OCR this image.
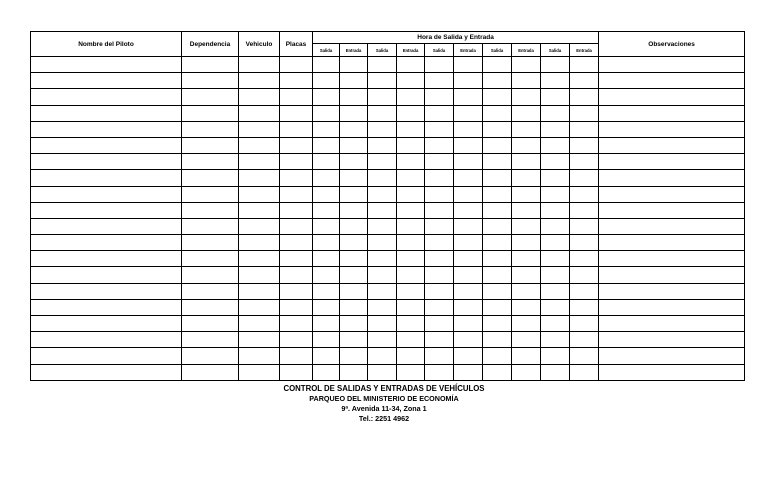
Nombre del Piloto	Dependencia	Vehiculo	Placas	Hora de Salida y Entrada										Observaciones
				Salida	Entrada	Salida	Entrada	Salida	Entrada	Salida	Entrada	Salida	Entrada	

CONTROL DE SALIDAS Y ENTRADAS DE VEHÍCULOS
PARQUEO DEL MINISTERIO DE ECONOMÍA
9ª. Avenida 11-34, Zona 1
Tel.: 2251 4962
